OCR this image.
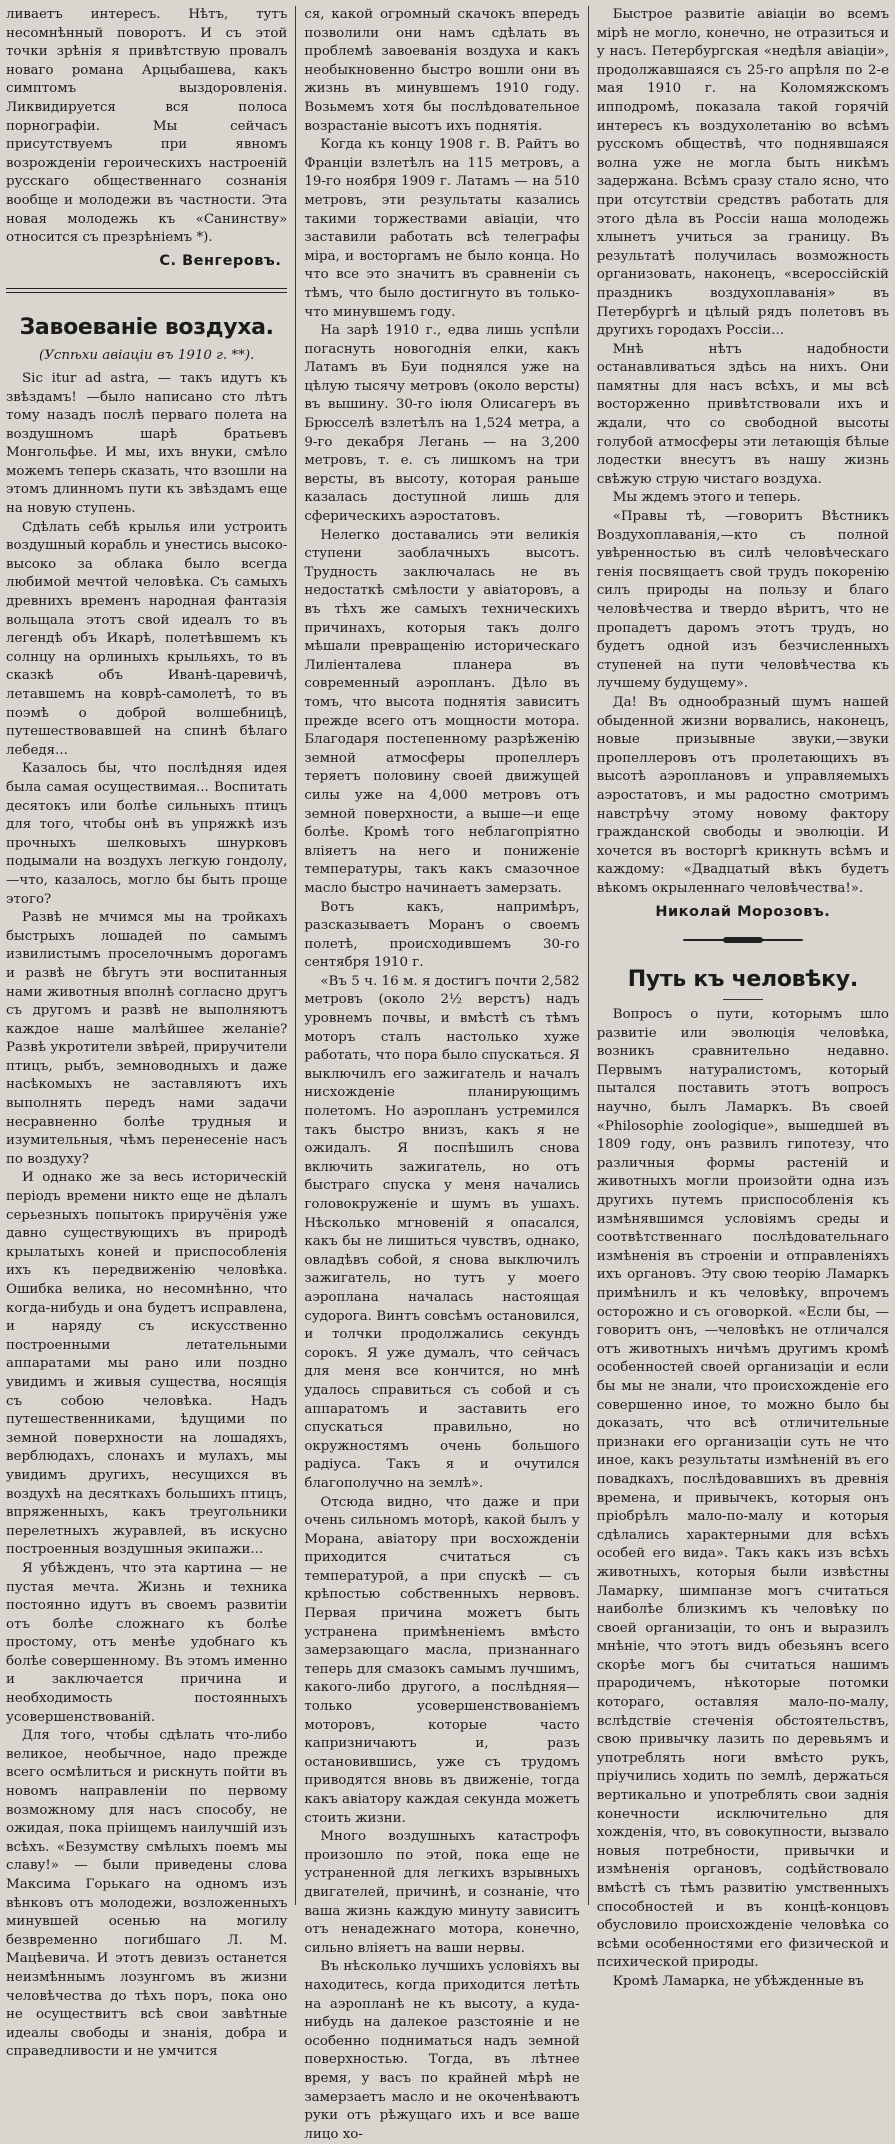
ливаетъ интересъ. Нѣтъ, тутъ несомнѣнный поворотъ. И съ этой точки зрѣнія я привѣтствую провалъ новаго романа Арцыбашева, какъ симптомъ выздоровленія. Ликвидируется вся полоса порнографіи. Мы сейчасъ присутствуемъ при явномъ возрожденіи героическихъ настроеній русскаго общественнаго сознанія вообще и молодежи въ частности. Эта новая молодежь къ «Санинству» относится съ презрѣніемъ *).

С. Венгеровъ.
Завоеваніе воздуха.
(Успѣхи авіаціи въ 1910 г. **).

Sic itur ad astra, — такъ идутъ къ звѣздамъ! —было написано сто лѣтъ тому назадъ послѣ перваго полета на воздушномъ шарѣ братьевъ Монгольфье. И мы, ихъ внуки, смѣло можемъ теперь сказать, что взошли на этомъ длинномъ пути къ звѣздамъ еще на новую ступень.

Сдѣлать себѣ крылья или устроить воздушный корабль и унестись высоко-высоко за облака было всегда любимой мечтой человѣка. Съ самыхъ древнихъ временъ народная фантазія вольщала этотъ свой идеалъ то въ легендѣ объ Икарѣ, полетѣвшемъ къ солнцу на орлиныхъ крыльяхъ, то въ сказкѣ объ Иванѣ-царевичѣ, летавшемъ на коврѣ-самолетѣ, то въ поэмѣ о доброй волшебницѣ, путешествовавшей на спинѣ бѣлаго лебедя...

Казалось бы, что послѣдняя идея была самая осуществимая... Воспитать десятокъ или болѣе сильныхъ птицъ для того, чтобы онѣ въ упряжкѣ изъ прочныхъ шелковыхъ шнурковъ подымали на воздухъ легкую гондолу, —что, казалось, могло бы быть проще этого?

Развѣ не мчимся мы на тройкахъ быстрыхъ лошадей по самымъ извилистымъ проселочнымъ дорогамъ и развѣ не бѣгутъ эти воспитанныя нами животныя вполнѣ согласно другъ съ другомъ и развѣ не выполняютъ каждое наше малѣйшее желаніе? Развѣ укротители звѣрей, приручители птицъ, рыбъ, земноводныхъ и даже насѣкомыхъ не заставляютъ ихъ выполнять передъ нами задачи несравненно болѣе трудныя и изумительныя, чѣмъ перенесеніе насъ по воздуху?

И однако же за весь историческій періодъ времени никто еще не дѣлалъ серьезныхъ попытокъ приручёнія уже давно существующихъ въ природѣ крылатыхъ коней и приспособленія ихъ къ передвиженію человѣка. Ошибка велика, но несомнѣнно, что когда-нибудь и она будетъ исправлена, и наряду съ искусственно построенными летательными аппаратами мы рано или поздно увидимъ и живыя существа, носящія съ собою человѣка. Надъ путешественниками, ѣдущими по земной поверхности на лошадяхъ, верблюдахъ, слонахъ и мулахъ, мы увидимъ другихъ, несущихся въ воздухѣ на десяткахъ большихъ птицъ, впряженныхъ, какъ треугольники перелетныхъ журавлей, въ искусно построенныя воздушныя экипажи...

Я убѣжденъ, что эта картина — не пустая мечта. Жизнь и техника постоянно идутъ въ своемъ развитіи отъ болѣе сложнаго къ болѣе простому, отъ менѣе удобнаго къ болѣе совершенному. Въ этомъ именно и заключается причина и необходимость постоянныхъ усовершенствованій.

Для того, чтобы сдѣлать что-либо великое, необычное, надо прежде всего осмѣлиться и рискнуть пойти въ новомъ направленіи по первому возможному для насъ способу, не ожидая, пока пріищемъ наилучшій изъ всѣхъ. «Безумству смѣлыхъ поемъ мы славу!» — были приведены слова Максима Горькаго на одномъ изъ вѣнковъ отъ молодежи, возложенныхъ минувшей осенью на могилу безвременно погибшаго Л. М. Мацѣевича. И этотъ девизъ останется неизмѣннымъ лозунгомъ въ жизни человѣчества до тѣхъ поръ, пока оно не осуществитъ всѣ свои завѣтные идеалы свободы и знанія, добра и справедливости и не умчится

ся, какой огромный скачокъ впередъ позволили они намъ сдѣлать въ проблемѣ завоеванія воздуха и какъ необыкновенно быстро вошли они въ жизнь въ минувшемъ 1910 году. Возьмемъ хотя бы послѣдовательное возрастаніе высотъ ихъ поднятія.

Когда къ концу 1908 г. В. Райтъ во Франціи взлетѣлъ на 115 метровъ, а 19-го ноября 1909 г. Латамъ — на 510 метровъ, эти результаты казались такими торжествами авіаціи, что заставили работать всѣ телеграфы міра, и восторгамъ не было конца. Но что все это значитъ въ сравненіи съ тѣмъ, что было достигнуто въ только-что минувшемъ году.

На зарѣ 1910 г., едва лишь успѣли погаснуть новогоднія елки, какъ Латамъ въ Буи поднялся уже на цѣлую тысячу метровъ (около версты) въ вышину. 30-го іюля Олисагеръ въ Брюсселѣ взлетѣлъ на 1,524 метра, а 9-го декабря Легань — на 3,200 метровъ, т. е. съ лишкомъ на три версты, въ высоту, которая раньше казалась доступной лишь для сферическихъ аэростатовъ.

Нелегко доставались эти великія ступени заоблачныхъ высотъ. Трудность заключалась не въ недостаткѣ смѣлости у авіаторовъ, а въ тѣхъ же самыхъ техническихъ причинахъ, которыя такъ долго мѣшали превращенію историческаго Лиліенталева планера въ современный аэропланъ. Дѣло въ томъ, что высота поднятія зависитъ прежде всего отъ мощности мотора. Благодаря постепенному разрѣженію земной атмосферы пропеллеръ теряетъ половину своей движущей силы уже на 4,000 метровъ отъ земной поверхности, а выше—и еще болѣе. Кромѣ того неблагопріятно вліяетъ на него и пониженіе температуры, такъ какъ смазочное масло быстро начинаетъ замерзать.

Вотъ какъ, напримѣръ, разсказываетъ Моранъ о своемъ полетѣ, происходившемъ 30-го сентября 1910 г.

«Въ 5 ч. 16 м. я достигъ почти 2,582 метровъ (около 2½ верстъ) надъ уровнемъ почвы, и вмѣстѣ съ тѣмъ моторъ сталъ настолько хуже работать, что пора было спускаться. Я выключилъ его зажигатель и началъ нисхожденіе планирующимъ полетомъ. Но аэропланъ устремился такъ быстро внизъ, какъ я не ожидалъ. Я поспѣшилъ снова включить зажигатель, но отъ быстраго спуска у меня начались головокруженіе и шумъ въ ушахъ. Нѣсколько мгновеній я опасался, какъ бы не лишиться чувствъ, однако, овладѣвъ собой, я снова выключилъ зажигатель, но тутъ у моего аэроплана началась настоящая судорога. Винтъ совсѣмъ остановился, и толчки продолжались секундъ сорокъ. Я уже думалъ, что сейчасъ для меня все кончится, но мнѣ удалось справиться съ собой и съ аппаратомъ и заставить его спускаться правильно, но окружностямъ очень большого радіуса. Такъ я и очутился благополучно на землѣ».

Отсюда видно, что даже и при очень сильномъ моторѣ, какой былъ у Морана, авіатору при восхожденіи приходится считаться съ температурой, а при спускѣ — съ крѣпостью собственныхъ нервовъ. Первая причина можетъ быть устранена примѣненіемъ вмѣсто замерзающаго масла, признаннаго теперь для смазокъ самымъ лучшимъ, какого-либо другого, а послѣдняя—только усовершенствованіемъ моторовъ, которые часто капризничаютъ и, разъ остановившись, уже съ трудомъ приводятся вновь въ движеніе, тогда какъ авіатору каждая секунда можетъ стоить жизни.

Много воздушныхъ катастрофъ произошло по этой, пока еще не устраненной для легкихъ взрывныхъ двигателей, причинѣ, и сознаніе, что ваша жизнь каждую минуту зависитъ отъ ненадежнаго мотора, конечно, сильно вліяетъ на ваши нервы.

Въ нѣсколько лучшихъ условіяхъ вы находитесь, когда приходится летѣть на аэропланѣ не къ высоту, а куда-нибудь на далекое разстояніе и не особенно подниматься надъ земной поверхностью. Тогда, въ лѣтнее время, у васъ по крайней мѣрѣ не замерзаетъ масло и не окоченѣваютъ руки отъ рѣжущаго ихъ и все ваше лицо хо-

Быстрое развитіе авіаціи во всемъ мірѣ не могло, конечно, не отразиться и у насъ. Петербургская «недѣля авіаціи», продолжавшаяся съ 25-го апрѣля по 2-е мая 1910 г. на Коломяжскомъ ипподромѣ, показала такой горячій интересъ къ воздухолетанію во всѣмъ русскомъ обществѣ, что поднявшаяся волна уже не могла быть никѣмъ задержана. Всѣмъ сразу стало ясно, что при отсутствіи средствъ работать для этого дѣла въ Россіи наша молодежь хлынетъ учиться за границу. Въ результатѣ получилась возможность организовать, наконецъ, «всероссійскій праздникъ воздухоплаванія» въ Петербургѣ и цѣлый рядъ полетовъ въ другихъ городахъ Россіи...

Мнѣ нѣтъ надобности останавливаться здѣсь на нихъ. Они памятны для насъ всѣхъ, и мы всѣ восторженно привѣтствовали ихъ и ждали, что со свободной высоты голубой атмосферы эти летающія бѣлые лодестки внесутъ въ нашу жизнь свѣжую струю чистаго воздуха.

Мы ждемъ этого и теперь.

«Правы тѣ, —говоритъ Вѣстникъ Воздухоплаванія,—кто съ полной увѣренностью въ силѣ человѣческаго генія посвящаетъ свой трудъ покоренію силъ природы на пользу и благо человѣчества и твердо вѣритъ, что не пропадетъ даромъ этотъ трудъ, но будетъ одной изъ безчисленныхъ ступеней на пути человѣчества къ лучшему будущему».

Да! Въ однообразный шумъ нашей обыденной жизни ворвались, наконецъ, новые призывные звуки,—звуки пропеллеровъ отъ пролетающихъ въ высотѣ аэроплановъ и управляемыхъ аэростатовъ, и мы радостно смотримъ навстрѣчу этому новому фактору гражданской свободы и эволюціи. И хочется въ восторгѣ крикнуть всѣмъ и каждому: «Двадцатый вѣкъ будетъ вѣкомъ окрыленнаго человѣчества!».

Николай Морозовъ.
Путь къ человѣку.

Вопросъ о пути, которымъ шло развитіе или эволюція человѣка, возникъ сравнительно недавно. Первымъ натуралистомъ, который пытался поставить этотъ вопросъ научно, былъ Ламаркъ. Въ своей «Philosophie zoologique», вышедшей въ 1809 году, онъ развилъ гипотезу, что различныя формы растеній и животныхъ могли произойти одна изъ другихъ путемъ приспособленія къ измѣнявшимся условіямъ среды и соотвѣтственнаго послѣдовательнаго измѣненія въ строеніи и отправленіяхъ ихъ органовъ. Эту свою теорію Ламаркъ примѣнилъ и къ человѣку, впрочемъ осторожно и съ оговоркой. «Если бы, —говоритъ онъ, —человѣкъ не отличался отъ животныхъ ничѣмъ другимъ кромѣ особенностей своей организаціи и если бы мы не знали, что происхожденіе его совершенно иное, то можно было бы доказать, что всѣ отличительные признаки его организаціи суть не что иное, какъ результаты измѣненій въ его повадкахъ, послѣдовавшихъ въ древнія времена, и привычекъ, которыя онъ пріобрѣлъ мало-по-малу и которыя сдѣлались характерными для всѣхъ особей его вида». Такъ какъ изъ всѣхъ животныхъ, которыя были извѣстны Ламарку, шимпанзе могъ считаться наиболѣе близкимъ къ человѣку по своей организаціи, то онъ и выразилъ мнѣніе, что этотъ видъ обезьянъ всего скорѣе могъ бы считаться нашимъ прародичемъ, нѣкоторые потомки котораго, оставляя мало-по-малу, вслѣдствіе стеченія обстоятельствъ, свою привычку лазить по деревьямъ и употреблять ноги вмѣсто рукъ, пріучились ходить по землѣ, держаться вертикально и употреблять свои заднія конечности исключительно для хожденія, что, въ совокупности, вызвало новыя потребности, привычки и измѣненія органовъ, содѣйствовало вмѣстѣ съ тѣмъ развитію умственныхъ способностей и въ концѣ-концовъ обусловило происхожденіе человѣка со всѣми особенностями его физической и психической природы.

Кромѣ Ламарка, не убѣжденные въ
